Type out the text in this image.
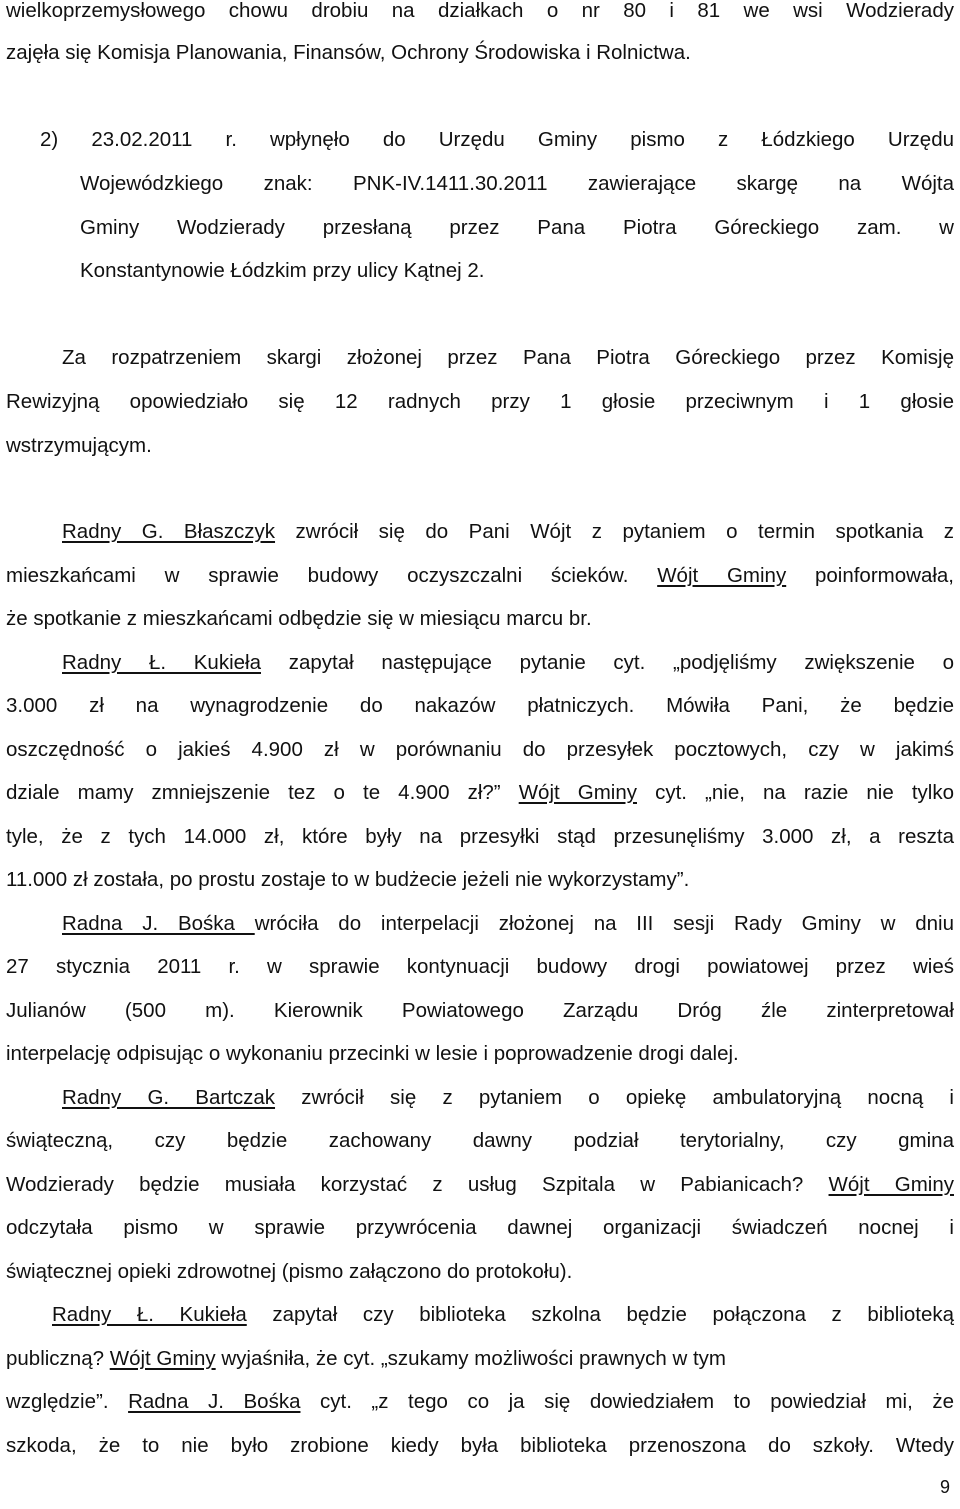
wielkoprzemysłowego chowu drobiu na działkach o nr 80 i 81 we wsi Wodzierady

zajęła się Komisja Planowania, Finansów, Ochrony Środowiska i Rolnictwa.

2) 23.02.2011 r. wpłynęło do Urzędu Gminy pismo z Łódzkiego Urzędu

Wojewódzkiego znak: PNK-IV.1411.30.2011 zawierające skargę na Wójta

Gminy Wodzierady przesłaną przez Pana Piotra Góreckiego zam. w

Konstantynowie Łódzkim przy ulicy Kątnej 2.

Za rozpatrzeniem skargi złożonej przez Pana Piotra Góreckiego przez Komisję

Rewizyjną opowiedziało się 12 radnych przy 1 głosie przeciwnym i 1 głosie

wstrzymującym.

Radny G. Błaszczyk zwrócił się do Pani Wójt z pytaniem o termin spotkania z

mieszkańcami w sprawie budowy oczyszczalni ścieków. Wójt Gminy poinformowała,

że spotkanie z mieszkańcami odbędzie się w miesiącu marcu br.

Radny Ł. Kukieła zapytał następujące pytanie cyt. „podjęliśmy zwiększenie o

3.000 zł na wynagrodzenie do nakazów płatniczych. Mówiła Pani, że będzie

oszczędność o jakieś 4.900 zł w porównaniu do przesyłek pocztowych, czy w jakimś

dziale mamy zmniejszenie tez o te 4.900 zł?” Wójt Gminy cyt. „nie, na razie nie tylko

tyle, że z tych 14.000 zł, które były na przesyłki stąd przesunęliśmy 3.000 zł, a reszta

11.000 zł została, po prostu zostaje to w budżecie jeżeli nie wykorzystamy”.

Radna J. Bośka wróciła do interpelacji złożonej na III sesji Rady Gminy w dniu

27 stycznia 2011 r. w sprawie kontynuacji budowy drogi powiatowej przez wieś

Julianów (500 m). Kierownik Powiatowego Zarządu Dróg źle zinterpretował

interpelację odpisując o wykonaniu przecinki w lesie i poprowadzenie drogi dalej.

Radny G. Bartczak zwrócił się z pytaniem o opiekę ambulatoryjną nocną i

świąteczną, czy będzie zachowany dawny podział terytorialny, czy gmina

Wodzierady będzie musiała korzystać z usług Szpitala w Pabianicach? Wójt Gminy

odczytała pismo w sprawie przywrócenia dawnej organizacji świadczeń nocnej i

świątecznej opieki zdrowotnej (pismo załączono do protokołu).

Radny Ł. Kukieła zapytał czy biblioteka szkolna będzie połączona z biblioteką

publiczną? Wójt Gminy wyjaśniła, że cyt. „szukamy możliwości prawnych w tym

względzie”. Radna J. Bośka cyt. „z tego co ja się dowiedziałem to powiedział mi, że

szkoda, że to nie było zrobione kiedy była biblioteka przenoszona do szkoły. Wtedy

9
